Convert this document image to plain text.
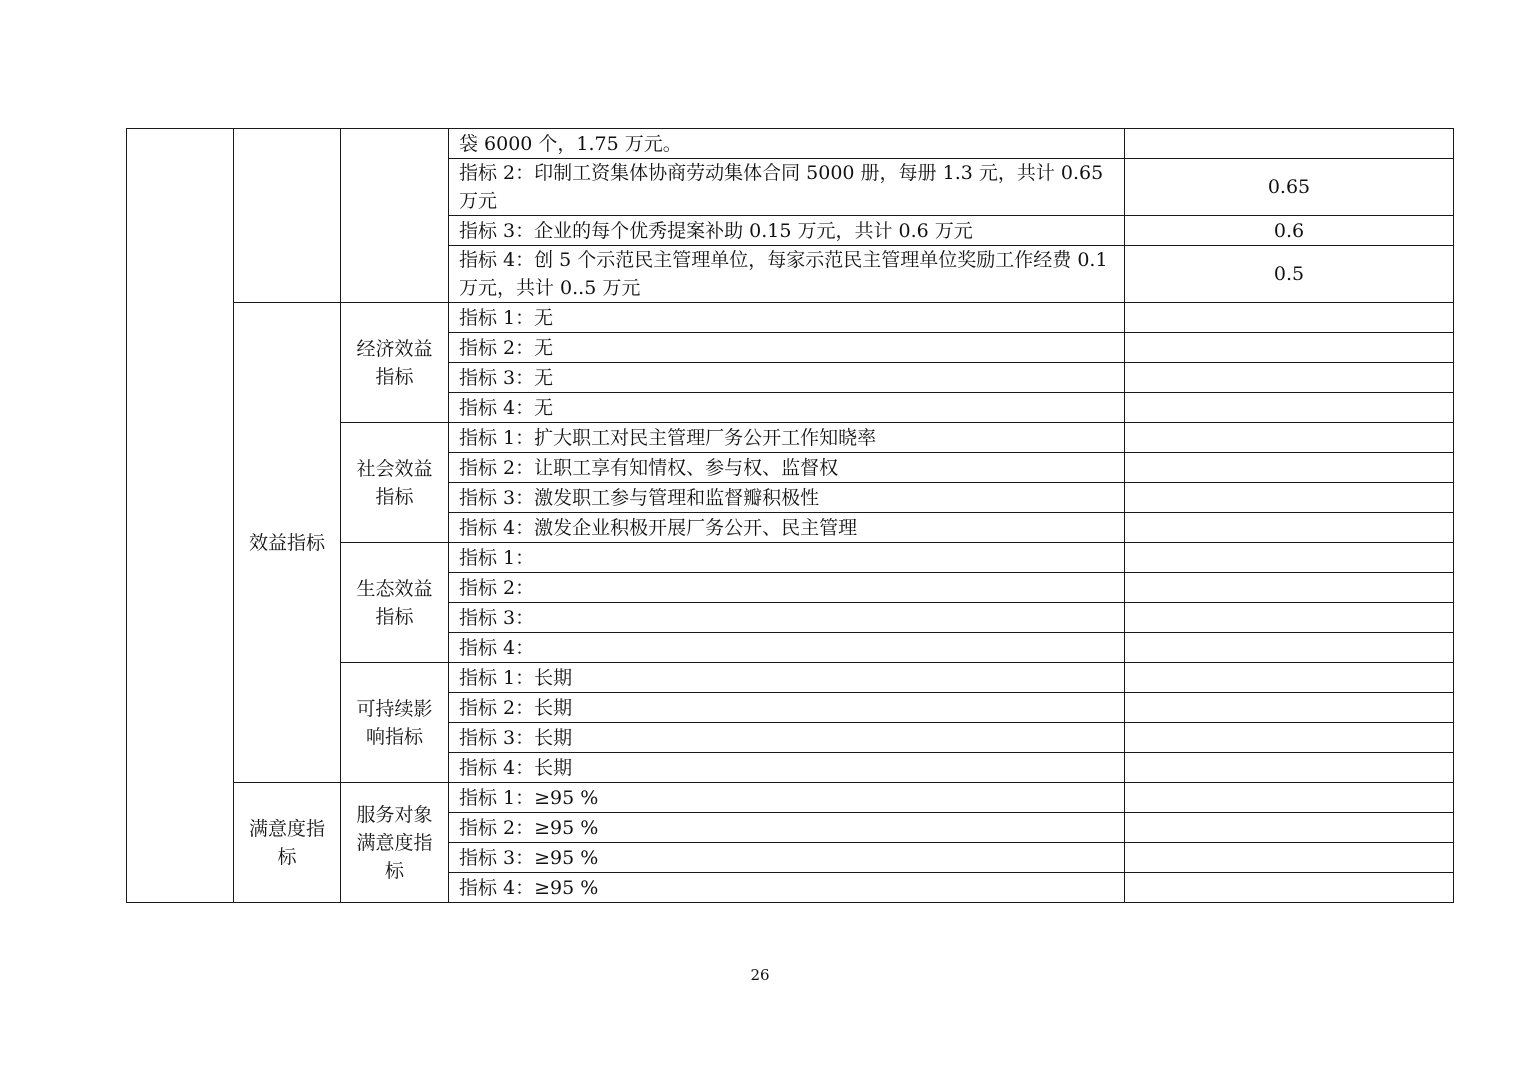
			袋 6000 个，1.75 万元。	
			指标 2：印制工资集体协商劳动集体合同 5000 册，每册 1.3 元，共计 0.65 万元	0.65
			指标 3：企业的每个优秀提案补助 0.15 万元，共计 0.6 万元	0.6
			指标 4：创 5 个示范民主管理单位，每家示范民主管理单位奖励工作经费 0.1 万元，共计 0..5 万元	0.5
	效益指标	经济效益指标	指标 1：无	
			指标 2：无	
			指标 3：无	
			指标 4：无	
		社会效益指标	指标 1：扩大职工对民主管理厂务公开工作知晓率	
			指标 2：让职工享有知情权、参与权、监督权	
			指标 3：激发职工参与管理和监督瓣积极性	
			指标 4：激发企业积极开展厂务公开、民主管理	
		生态效益指标	指标 1：	
			指标 2：	
			指标 3：	
			指标 4：	
		可持续影响指标	指标 1：长期	
			指标 2：长期	
			指标 3：长期	
			指标 4：长期	
	满意度指标	服务对象满意度指标	指标 1：≥95 %	
			指标 2：≥95 %	
			指标 3：≥95 %	
			指标 4：≥95 %	
26
